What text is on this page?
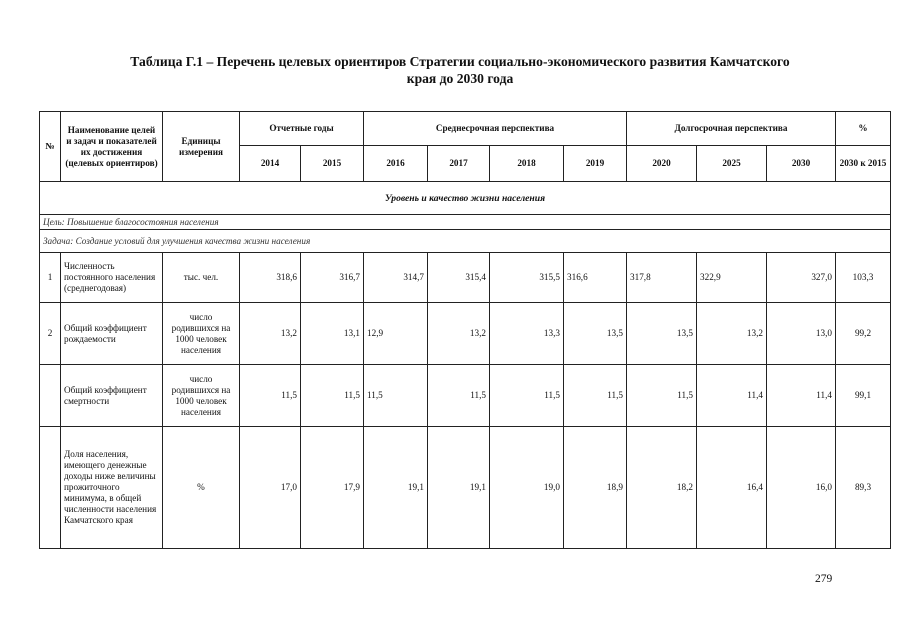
Таблица Г.1 – Перечень целевых ориентиров Стратегии социально-экономического развития Камчатского
края до 2030 года
№	Наименование целей и задач и показателей их достижения (целевых ориентиров)	Единицы измерения	Отчетные годы		Среднесрочная перспектива				Долгосрочная перспектива			%
			2014	2015	2016	2017	2018	2019	2020	2025	2030	2030 к 2015
Уровень и качество жизни населения												
Цель: Повышение благосостояния населения												
Задача: Создание условий для улучшения качества жизни населения												
1	Численность постоянного населения (среднегодовая)	тыс. чел.	318,6	316,7	314,7	315,4	315,5	316,6	317,8	322,9	327,0	103,3
2	Общий коэффициент рождаемости	число родившихся на 1000 человек населения	13,2	13,1	12,9	13,2	13,3	13,5	13,5	13,2	13,0	99,2
	Общий коэффициент смертности	число родившихся на 1000 человек населения	11,5	11,5	11,5	11,5	11,5	11,5	11,5	11,4	11,4	99,1
	Доля населения, имеющего денежные доходы ниже величины прожиточного минимума, в общей численности населения Камчатского края	%	17,0	17,9	19,1	19,1	19,0	18,9	18,2	16,4	16,0	89,3
279
